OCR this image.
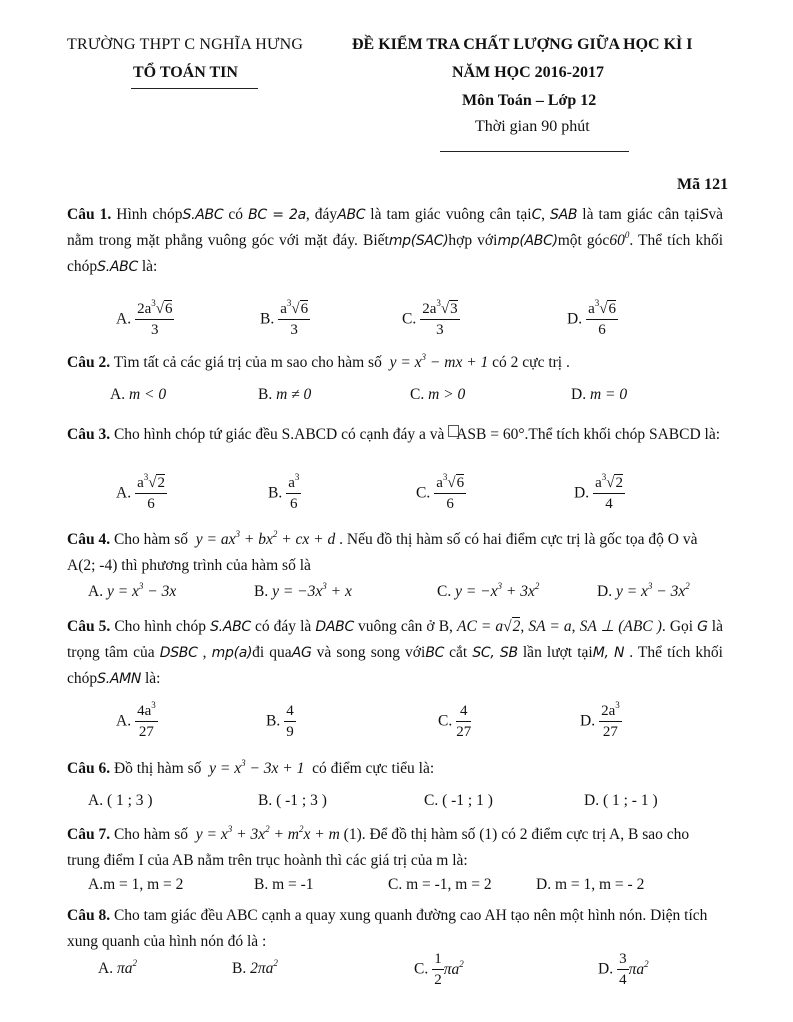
TRƯỜNG THPT C NGHĨA HƯNG
TỔ TOÁN TIN
ĐỀ KIỂM TRA CHẤT LƯỢNG GIỮA HỌC KÌ I
NĂM HỌC 2016-2017
Môn Toán – Lớp 12
Thời gian 90 phút
Mã 121
Câu 1. Hình chópS.ABC có BC = 2a, đáyABC là tam giác vuông cân tạiC, SAB là tam giác cân tạiSvà nằm trong mặt phẳng vuông góc với mặt đáy. Biếtmp(SAC)hợp vớimp(ABC)một $góc60^0$. Thể tích khối chópS.ABC là:
A. $\frac{2a^3√6}{3}$	B. $\frac{a^3√6}{3}$	C. $\frac{2a^3√3}{3}$	D. $\frac{a^3√6}{6}$
Câu 2. Tìm tất cả các giá trị của m sao cho hàm số $y = x^3$ − mx + 1 có 2 cực trị .
A. m < 0	B. m ≠ 0	C. m > 0	D. m = 0
Câu 3. Cho hình chóp tứ giác đều S.ABCD có cạnh đáy a và ASB = 60°.Thể tích khối chóp SABCD là:
A. $\frac{a^3√2}{6}$	B. $\frac{a^3}{6}$	C. $\frac{a^3√6}{6}$	D. $\frac{a^3√2}{4}$
Câu 4. Cho hàm số  $y = ax^3 + bx^2$ + cx + d . Nếu đồ thị hàm số có hai điểm cực trị là gốc tọa độ O và A(2; -4) thì phương trình của hàm số là
A. $y = x^3 - 3x$	B. $y = -3x^3 + x$	C. $y = -x^3 + 3x^2$	D. $y = x^3 - 3x^2$
Câu 5. Cho hình chóp S.ABC có đáy là DABC vuông cân ở B, AC = a√2, SA = a, SA ⊥ (ABC ). Gọi G là trọng tâm của DSBC , mp(a)đi quaAG và song song vớiBC cắt SC, SB lần lượt tạiM, N . Thể tích khối chópS.AMN là:
A. $\frac{4a^3}{27}$	B. $\frac{4}{9}$	C. $\frac{4}{27}$	D. $\frac{2a^3}{27}$
Câu 6. Đồ thị hàm số $y = x^3 - 3x + 1$ có điểm cực tiểu là:
A. ( 1 ; 3 )	B. ( -1 ; 3 )	C. ( -1 ; 1 )	D. ( 1 ; - 1 )
Câu 7. Cho hàm số  $y = x^3 + 3x^2 + m^2x + m$ (1). Để đồ thị hàm số (1) có 2 điểm cực trị A, B sao cho trung điểm I của AB nằm trên trục hoành thì các giá trị của m là:
A.m = 1, m = 2	B. m = -1	C. m = -1, m = 2	D. m = 1, m = - 2
Câu 8. Cho tam giác đều ABC cạnh a quay xung quanh đường cao AH tạo nên một hình nón. Diện tích xung quanh của hình nón đó là :
A. $\pi a^2$	B. $2\pi a^2$	C. $\frac{1}{2} \pi a^2$	D. $\frac{3}{4} \pi a^2$
